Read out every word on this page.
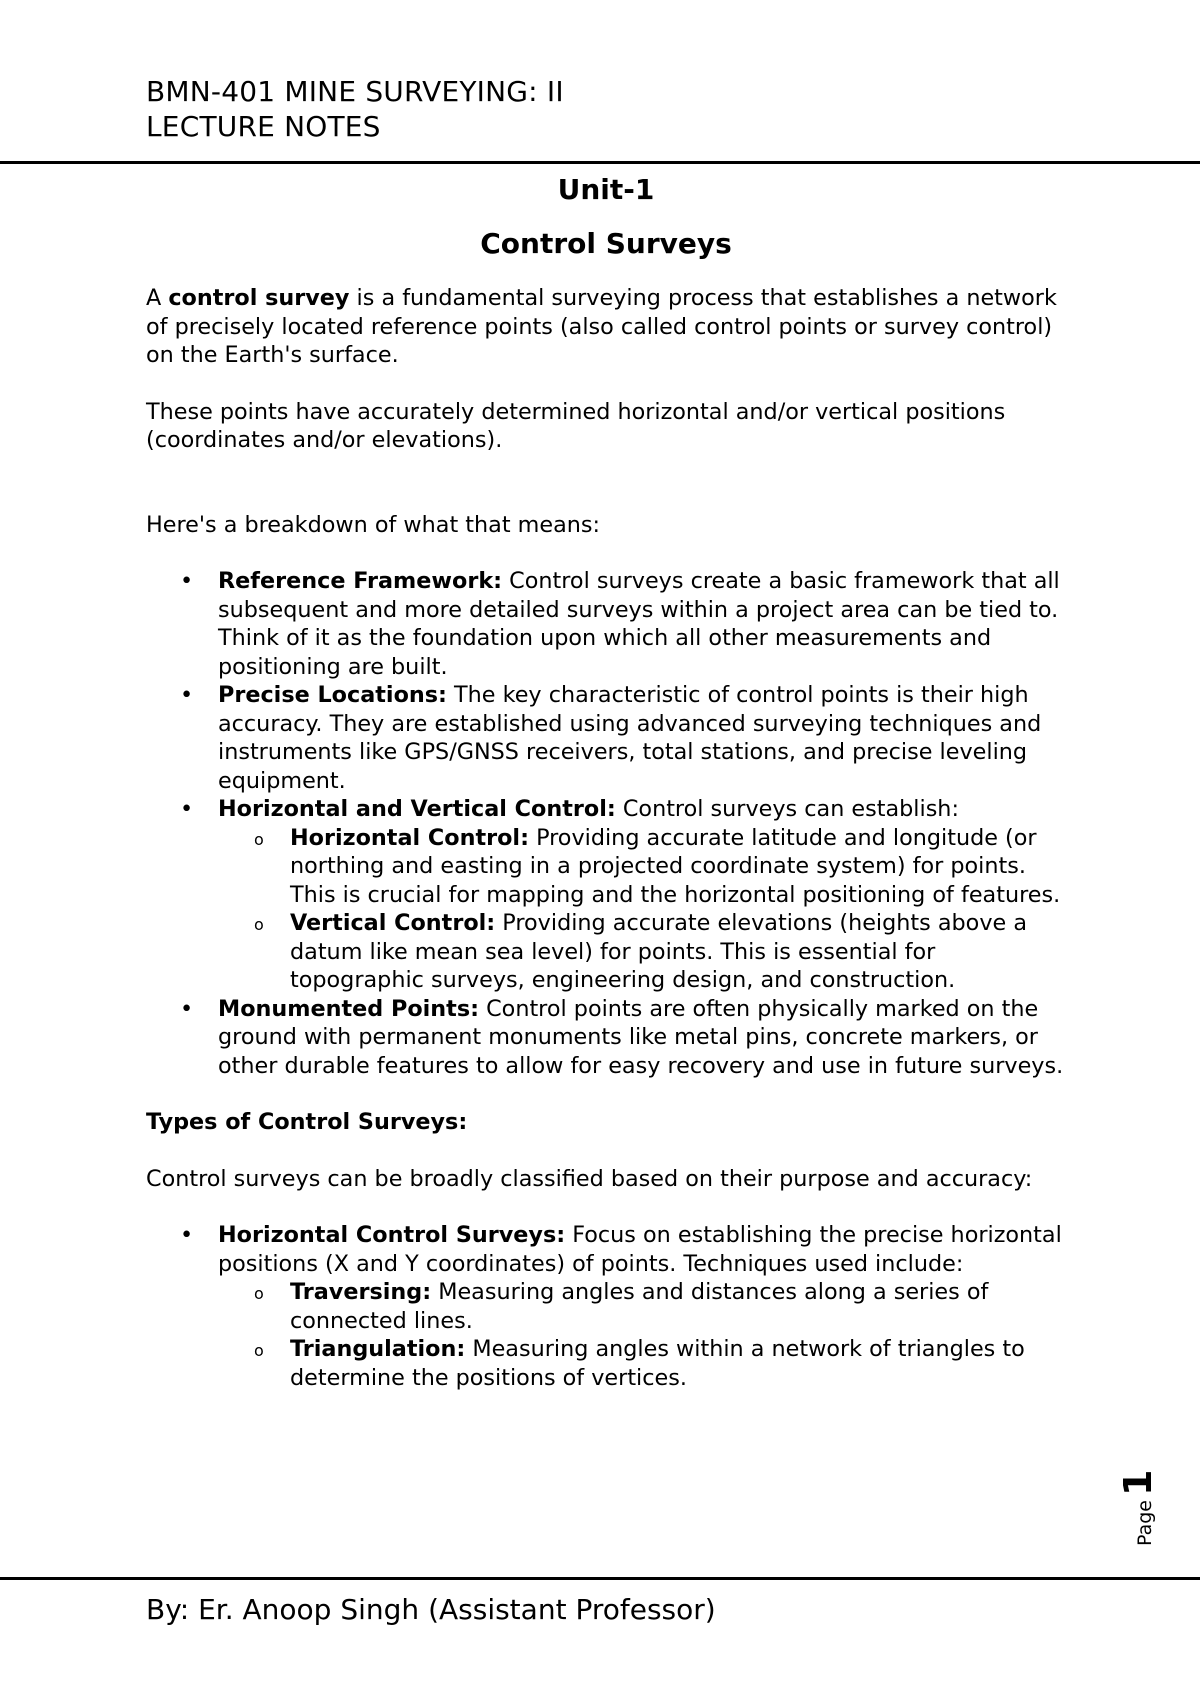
BMN-401 MINE SURVEYING: II
LECTURE NOTES
Unit-1
Control Surveys

A control survey is a fundamental surveying process that establishes a network of precisely located reference points (also called control points or survey control) on the Earth's surface.

These points have accurately determined horizontal and/or vertical positions (coordinates and/or elevations).

Here's a breakdown of what that means:

• Reference Framework: Control surveys create a basic framework that all subsequent and more detailed surveys within a project area can be tied to. Think of it as the foundation upon which all other measurements and positioning are built.
• Precise Locations: The key characteristic of control points is their high accuracy. They are established using advanced surveying techniques and instruments like GPS/GNSS receivers, total stations, and precise leveling equipment.
• Horizontal and Vertical Control: Control surveys can establish:
o Horizontal Control: Providing accurate latitude and longitude (or northing and easting in a projected coordinate system) for points. This is crucial for mapping and the horizontal positioning of features.
o Vertical Control: Providing accurate elevations (heights above a datum like mean sea level) for points. This is essential for topographic surveys, engineering design, and construction.
• Monumented Points: Control points are often physically marked on the ground with permanent monuments like metal pins, concrete markers, or other durable features to allow for easy recovery and use in future surveys.

Types of Control Surveys:

Control surveys can be broadly classified based on their purpose and accuracy:

• Horizontal Control Surveys: Focus on establishing the precise horizontal positions (X and Y coordinates) of points. Techniques used include:
o Traversing: Measuring angles and distances along a series of connected lines.
o Triangulation: Measuring angles within a network of triangles to determine the positions of vertices.
Page1
By: Er. Anoop Singh (Assistant Professor)
